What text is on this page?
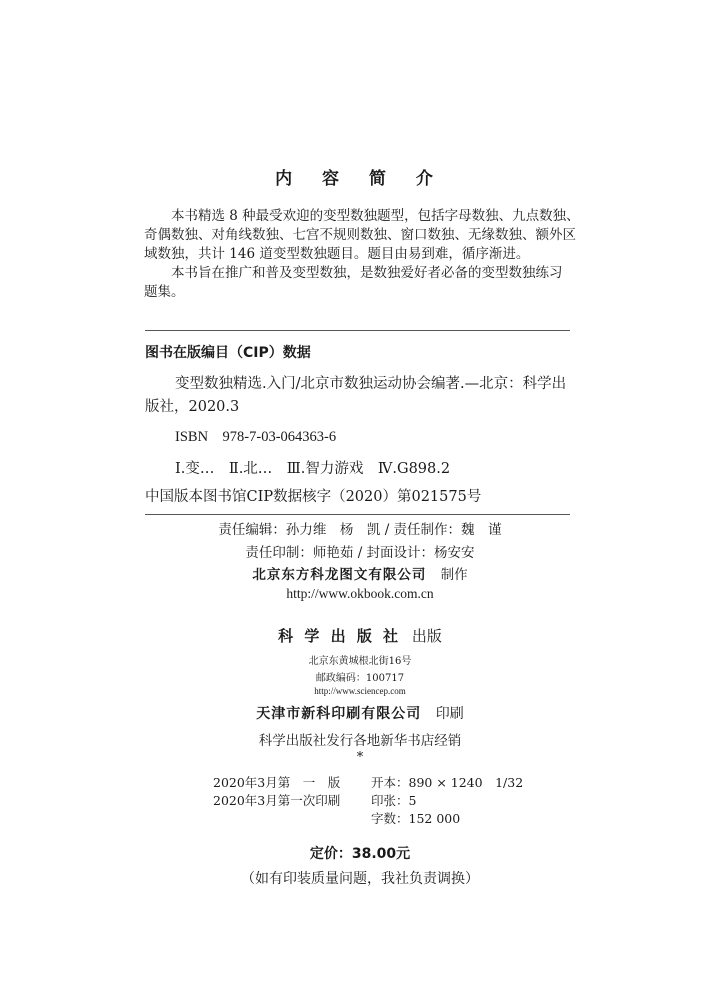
内 容 简 介
本书精选 8 种最受欢迎的变型数独题型，包括字母数独、九点数独、
奇偶数独、对角线数独、七宫不规则数独、窗口数独、无缘数独、额外区
域数独，共计 146 道变型数独题目。题目由易到难，循序渐进。
本书旨在推广和普及变型数独，是数独爱好者必备的变型数独练习
题集。
图书在版编目（CIP）数据
变型数独精选.入门/北京市数独运动协会编著.—北京：科学出
版社，2020.3
ISBN　978-7-03-064363-6
Ⅰ.变…　Ⅱ.北…　Ⅲ.智力游戏　Ⅳ.G898.2
中国版本图书馆CIP数据核字（2020）第021575号
责任编辑：孙力维　杨　凯 / 责任制作：魏　谨
责任印制：师艳茹 / 封面设计：杨安安
北京东方科龙图文有限公司 制作
http://www.okbook.com.cn
科 学 出 版 社 出版
北京东黄城根北街16号
邮政编码：100717
http://www.sciencep.com
天津市新科印刷有限公司 印刷
科学出版社发行各地新华书店经销
*
2020年3月第　一　版 开本：890 × 1240　1/32
2020年3月第一次印刷 印张：5
字数：152 000
定价：38.00元
（如有印装质量问题，我社负责调换）
